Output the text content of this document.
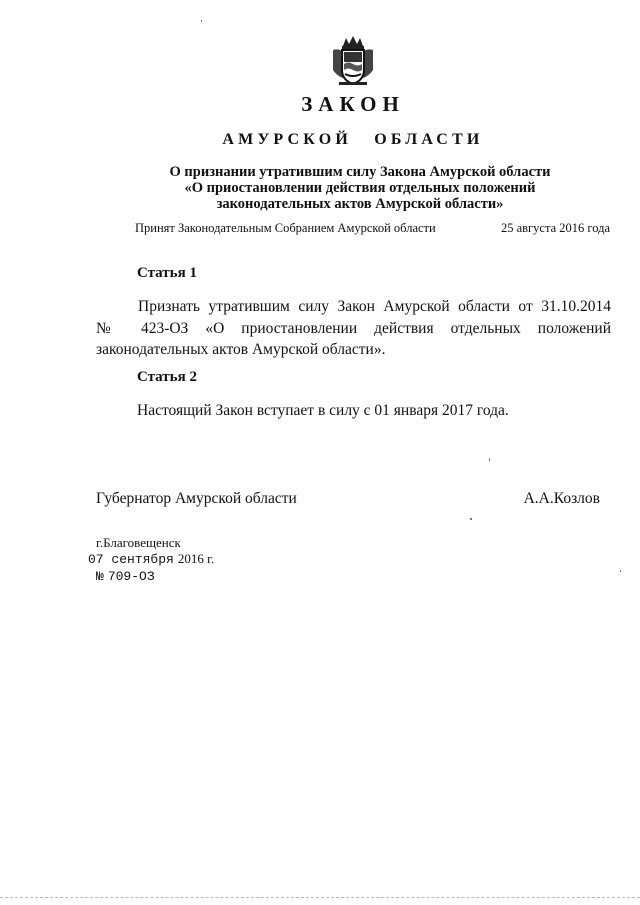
ЗАКОН
АМУРСКОЙ ОБЛАСТИ
О признании утратившим силу Закона Амурской области
«О приостановлении действия отдельных положений
законодательных актов Амурской области»
Принят Законодательным Собранием Амурской области	25 августа 2016 года
Статья 1
Признать утратившим силу Закон Амурской области от 31.10.2014
№ 423-ОЗ «О приостановлении действия отдельных положений
законодательных актов Амурской области».
Статья 2
Настоящий Закон вступает в силу с 01 января 2017 года.
Губернатор Амурской области	А.А.Козлов
г.Благовещенск
07 сентября 2016 г.
№ 709-ОЗ
